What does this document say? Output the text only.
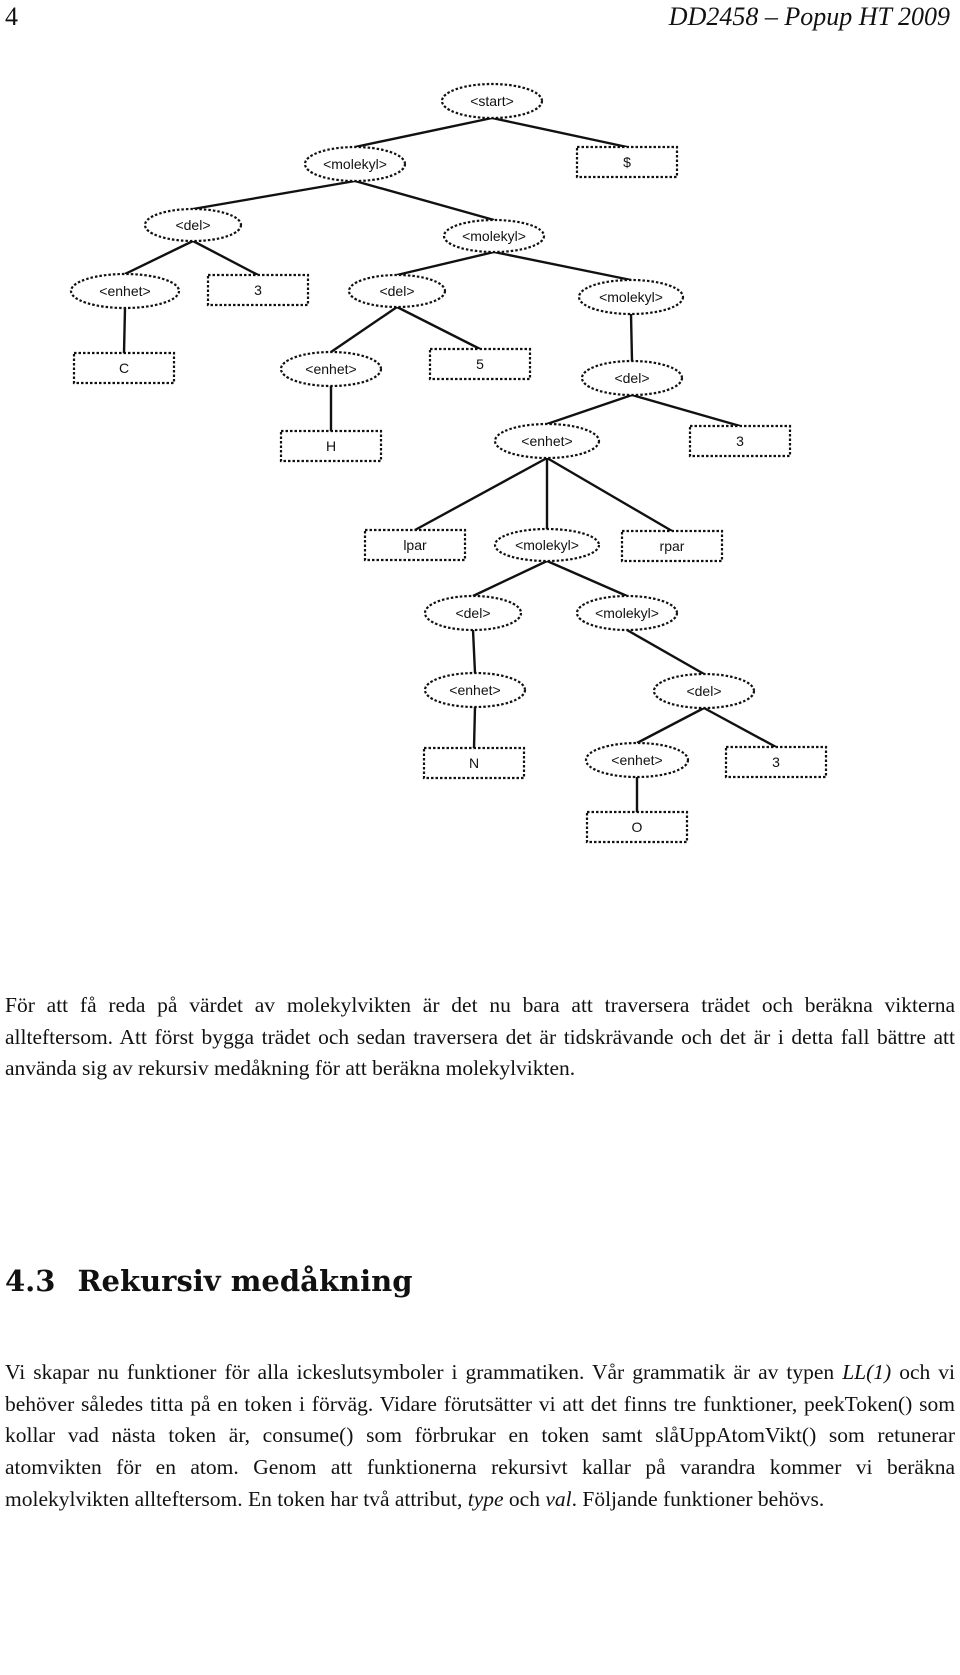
4	DD2458 – Popup HT 2009
<start>
<molekyl>	$
<del>
<molekyl>
<enhet>	3	<del>	<molekyl>
C	<enhet>	5
<del>
H	<enhet>	3
lpar	<molekyl>	rpar
<del>	<molekyl>
<enhet>	<del>
N	<enhet>	3
O

För att få reda på värdet av molekylvikten är det nu bara att traversera trädet och beräkna vikterna allteftersom. Att först bygga trädet och sedan traversera det är tidskrävande och det är i detta fall bättre att använda sig av rekursiv medåkning för att beräkna molekylvikten.

4.3 Rekursiv medåkning

Vi skapar nu funktioner för alla ickeslutsymboler i grammatiken. Vår grammatik är av typen LL(1) och vi behöver således titta på en token i förväg. Vidare förutsätter vi att det finns tre funktioner, peekToken() som kollar vad nästa token är, consume() som förbrukar en token samt slåUppAtomVikt() som retunerar atomvikten för en atom. Genom att funktionerna rekursivt kallar på varandra kommer vi beräkna molekylvikten allteftersom. En token har två attribut, type och val. Följande funktioner behövs.
